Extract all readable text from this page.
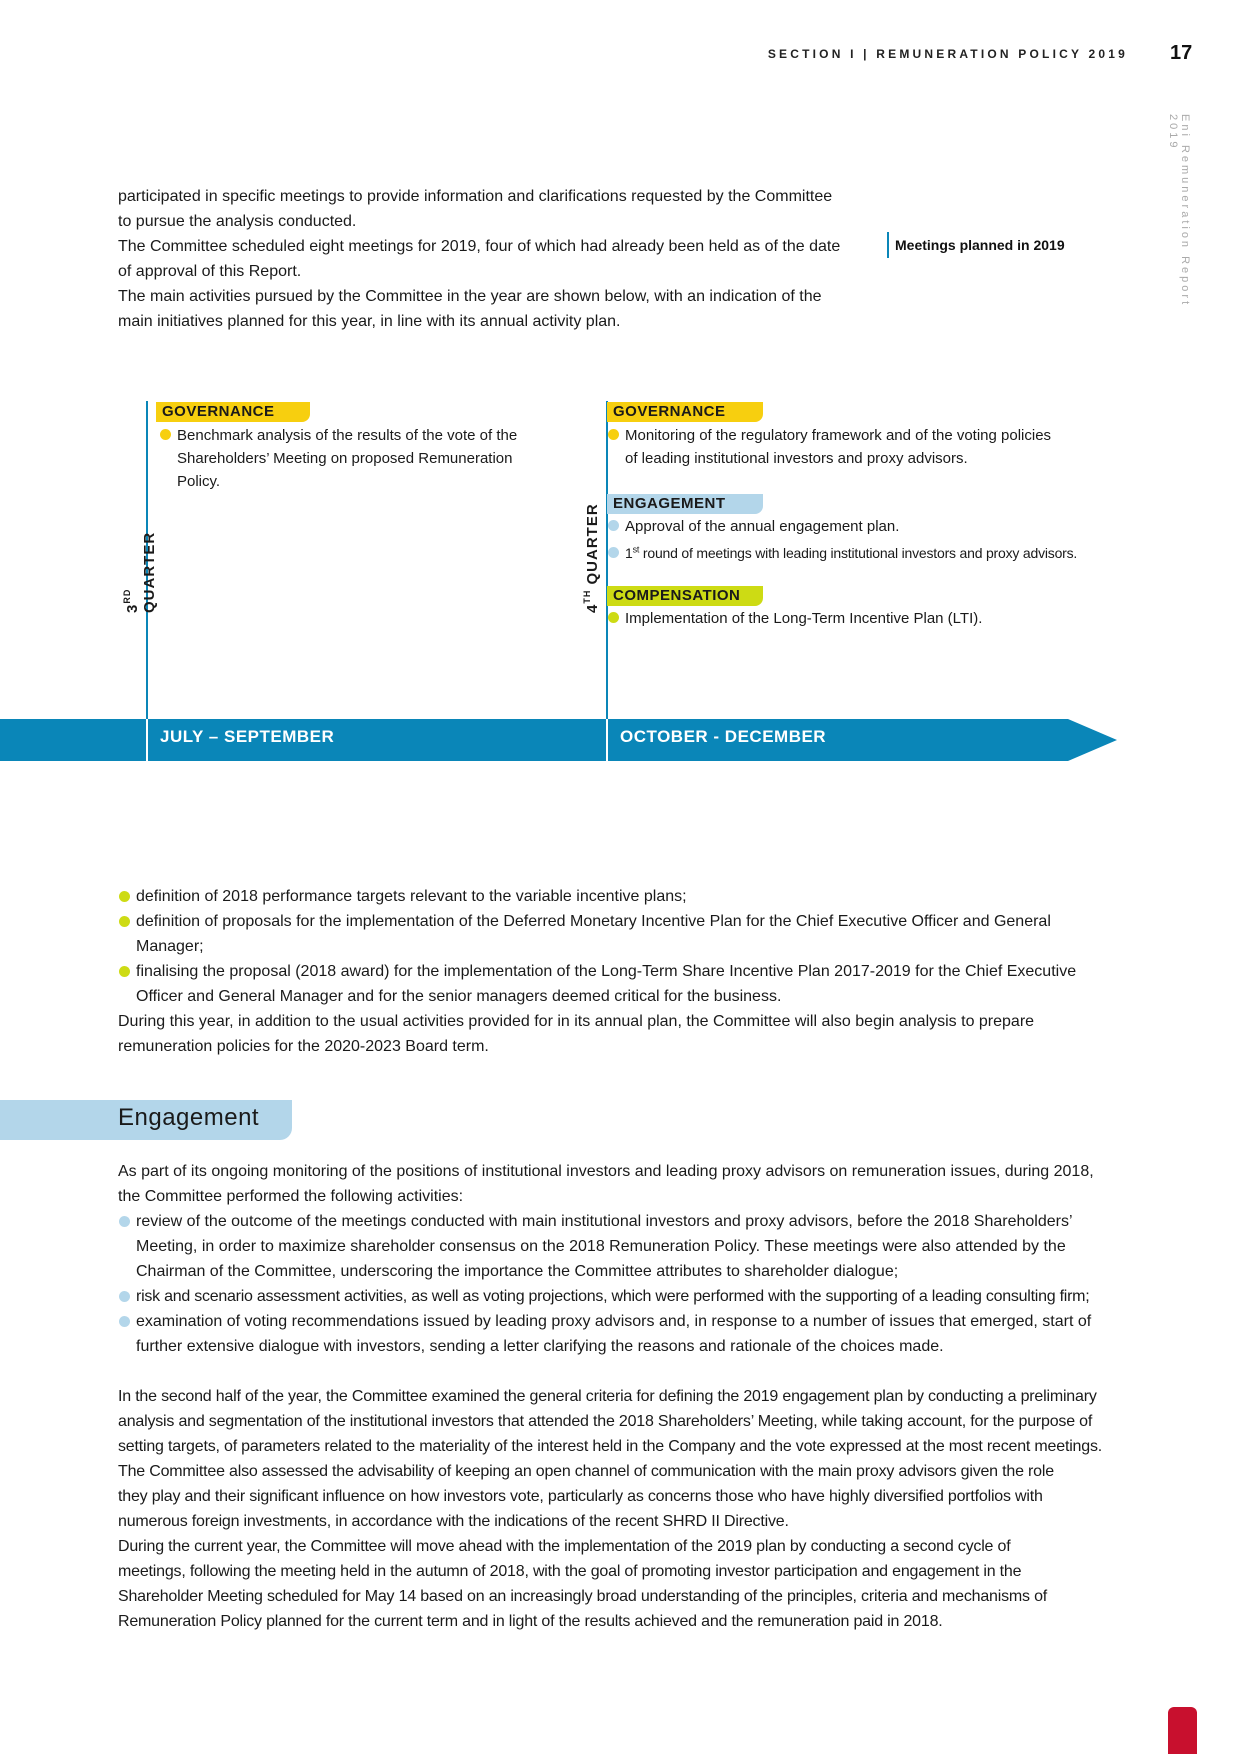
SECTION I | REMUNERATION POLICY 2019 17
Eni Remuneration Report 2019

participated in specific meetings to provide information and clarifications requested by the Committee

to pursue the analysis conducted.

The Committee scheduled eight meetings for 2019, four of which had already been held as of the date

of approval of this Report.

The main activities pursued by the Committee in the year are shown below, with an indication of the

main initiatives planned for this year, in line with its annual activity plan.

Meetings planned in 2019
3RD QUARTER	4TH QUARTER
GOVERNANCE
Benchmark analysis of the results of the vote of the
Shareholders’ Meeting on proposed Remuneration
Policy.
GOVERNANCE
Monitoring of the regulatory framework and of the voting policies
of leading institutional investors and proxy advisors.
ENGAGEMENT
Approval of the annual engagement plan.
1st round of meetings with leading institutional investors and proxy advisors.
COMPENSATION
Implementation of the Long-Term Incentive Plan (LTI).
JULY – SEPTEMBER	OCTOBER - DECEMBER
definition of 2018 performance targets relevant to the variable incentive plans;
definition of proposals for the implementation of the Deferred Monetary Incentive Plan for the Chief Executive Officer and General
Manager;
finalising the proposal (2018 award) for the implementation of the Long-Term Share Incentive Plan 2017-2019 for the Chief Executive
Officer and General Manager and for the senior managers deemed critical for the business.

During this year, in addition to the usual activities provided for in its annual plan, the Committee will also begin analysis to prepare

remuneration policies for the 2020-2023 Board term.

Engagement

As part of its ongoing monitoring of the positions of institutional investors and leading proxy advisors on remuneration issues, during 2018,

the Committee performed the following activities:

review of the outcome of the meetings conducted with main institutional investors and proxy advisors, before the 2018 Shareholders’
Meeting, in order to maximize shareholder consensus on the 2018 Remuneration Policy. These meetings were also attended by the
Chairman of the Committee, underscoring the importance the Committee attributes to shareholder dialogue;
risk and scenario assessment activities, as well as voting projections, which were performed with the supporting of a leading consulting firm;
examination of voting recommendations issued by leading proxy advisors and, in response to a number of issues that emerged, start of
further extensive dialogue with investors, sending a letter clarifying the reasons and rationale of the choices made.

In the second half of the year, the Committee examined the general criteria for defining the 2019 engagement plan by conducting a preliminary

analysis and segmentation of the institutional investors that attended the 2018 Shareholders’ Meeting, while taking account, for the purpose of

setting targets, of parameters related to the materiality of the interest held in the Company and the vote expressed at the most recent meetings.

The Committee also assessed the advisability of keeping an open channel of communication with the main proxy advisors given the role

they play and their significant influence on how investors vote, particularly as concerns those who have highly diversified portfolios with

numerous foreign investments, in accordance with the indications of the recent SHRD II Directive.

During the current year, the Committee will move ahead with the implementation of the 2019 plan by conducting a second cycle of

meetings, following the meeting held in the autumn of 2018, with the goal of promoting investor participation and engagement in the

Shareholder Meeting scheduled for May 14 based on an increasingly broad understanding of the principles, criteria and mechanisms of

Remuneration Policy planned for the current term and in light of the results achieved and the remuneration paid in 2018.
